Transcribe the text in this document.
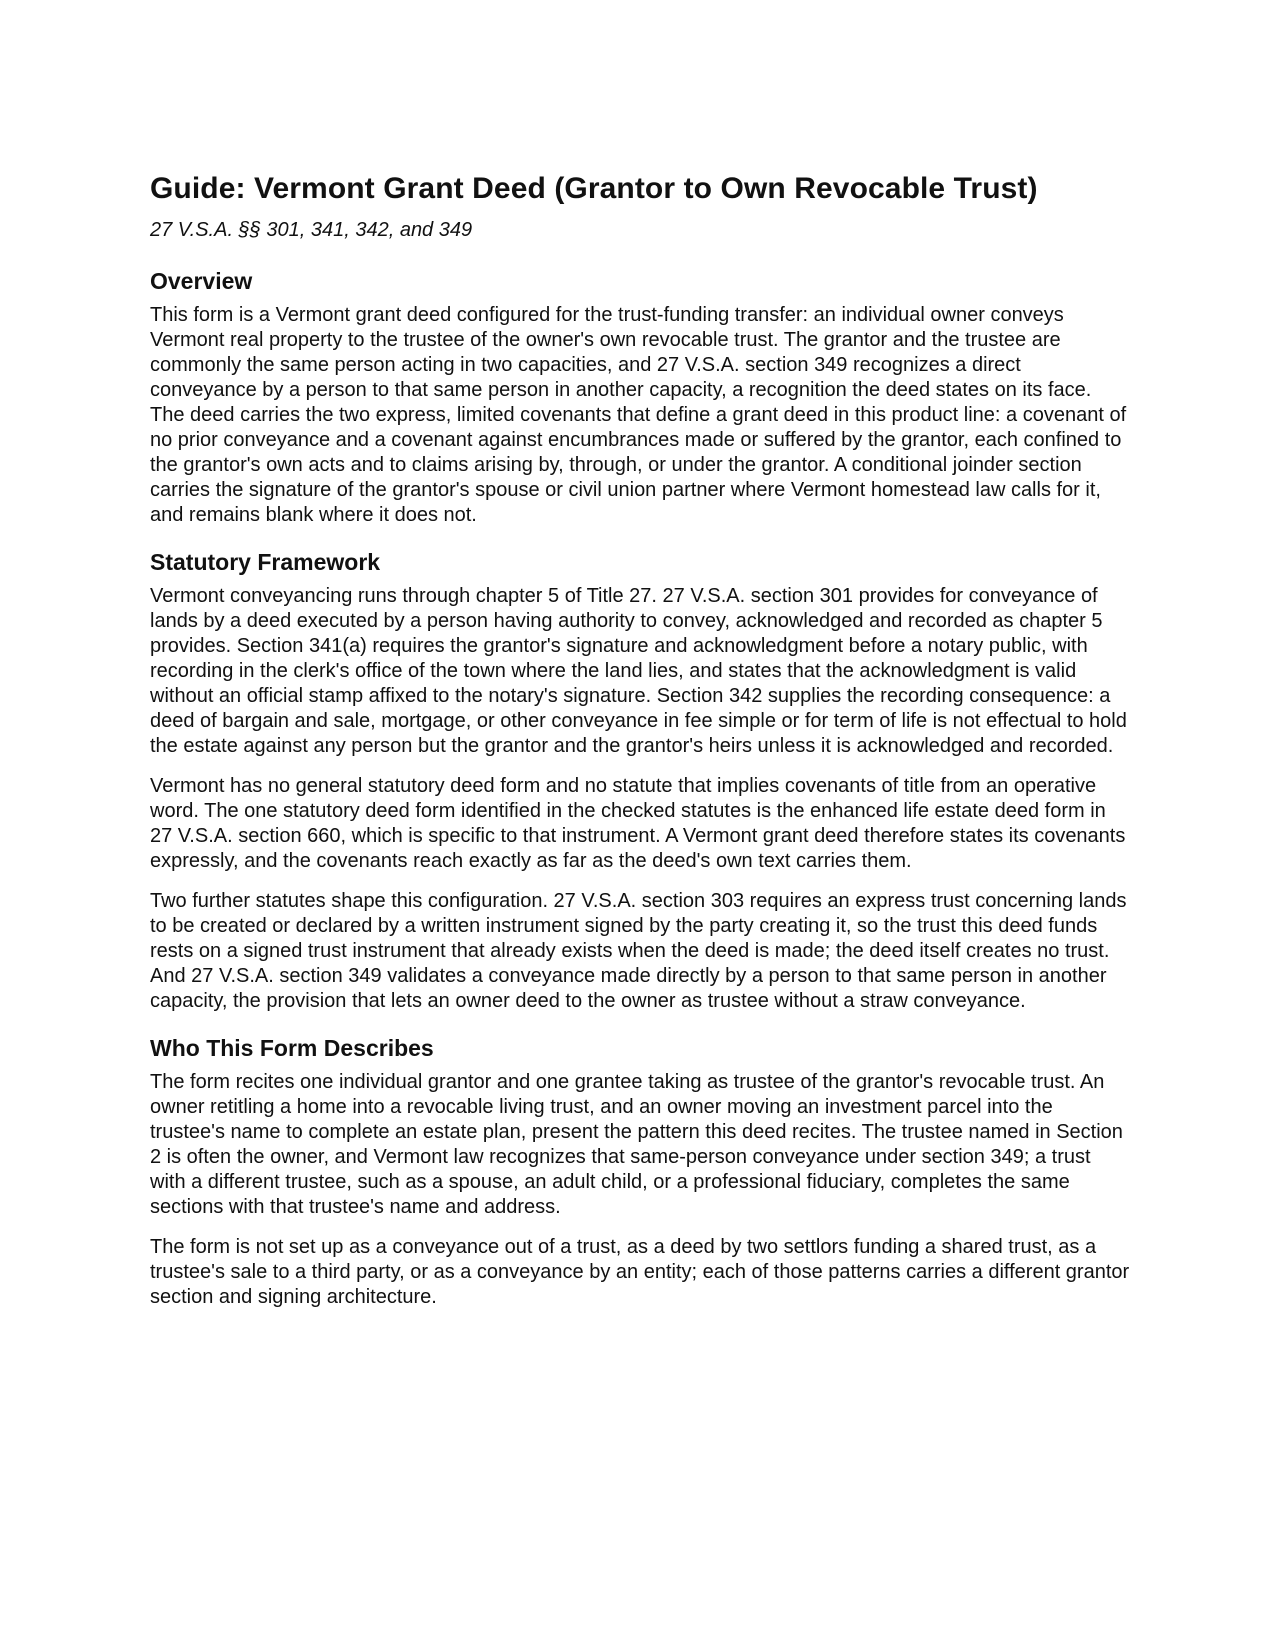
Guide: Vermont Grant Deed (Grantor to Own Revocable Trust)
27 V.S.A. §§ 301, 341, 342, and 349
Overview

This form is a Vermont grant deed configured for the trust-funding transfer: an individual owner conveys Vermont real property to the trustee of the owner's own revocable trust. The grantor and the trustee are commonly the same person acting in two capacities, and 27 V.S.A. section 349 recognizes a direct conveyance by a person to that same person in another capacity, a recognition the deed states on its face. The deed carries the two express, limited covenants that define a grant deed in this product line: a covenant of no prior conveyance and a covenant against encumbrances made or suffered by the grantor, each confined to the grantor's own acts and to claims arising by, through, or under the grantor. A conditional joinder section carries the signature of the grantor's spouse or civil union partner where Vermont homestead law calls for it, and remains blank where it does not.

Statutory Framework

Vermont conveyancing runs through chapter 5 of Title 27. 27 V.S.A. section 301 provides for conveyance of lands by a deed executed by a person having authority to convey, acknowledged and recorded as chapter 5 provides. Section 341(a) requires the grantor's signature and acknowledgment before a notary public, with recording in the clerk's office of the town where the land lies, and states that the acknowledgment is valid without an official stamp affixed to the notary's signature. Section 342 supplies the recording consequence: a deed of bargain and sale, mortgage, or other conveyance in fee simple or for term of life is not effectual to hold the estate against any person but the grantor and the grantor's heirs unless it is acknowledged and recorded.

Vermont has no general statutory deed form and no statute that implies covenants of title from an operative word. The one statutory deed form identified in the checked statutes is the enhanced life estate deed form in 27 V.S.A. section 660, which is specific to that instrument. A Vermont grant deed therefore states its covenants expressly, and the covenants reach exactly as far as the deed's own text carries them.

Two further statutes shape this configuration. 27 V.S.A. section 303 requires an express trust concerning lands to be created or declared by a written instrument signed by the party creating it, so the trust this deed funds rests on a signed trust instrument that already exists when the deed is made; the deed itself creates no trust. And 27 V.S.A. section 349 validates a conveyance made directly by a person to that same person in another capacity, the provision that lets an owner deed to the owner as trustee without a straw conveyance.

Who This Form Describes

The form recites one individual grantor and one grantee taking as trustee of the grantor's revocable trust. An owner retitling a home into a revocable living trust, and an owner moving an investment parcel into the trustee's name to complete an estate plan, present the pattern this deed recites. The trustee named in Section 2 is often the owner, and Vermont law recognizes that same-person conveyance under section 349; a trust with a different trustee, such as a spouse, an adult child, or a professional fiduciary, completes the same sections with that trustee's name and address.

The form is not set up as a conveyance out of a trust, as a deed by two settlors funding a shared trust, as a trustee's sale to a third party, or as a conveyance by an entity; each of those patterns carries a different grantor section and signing architecture.
